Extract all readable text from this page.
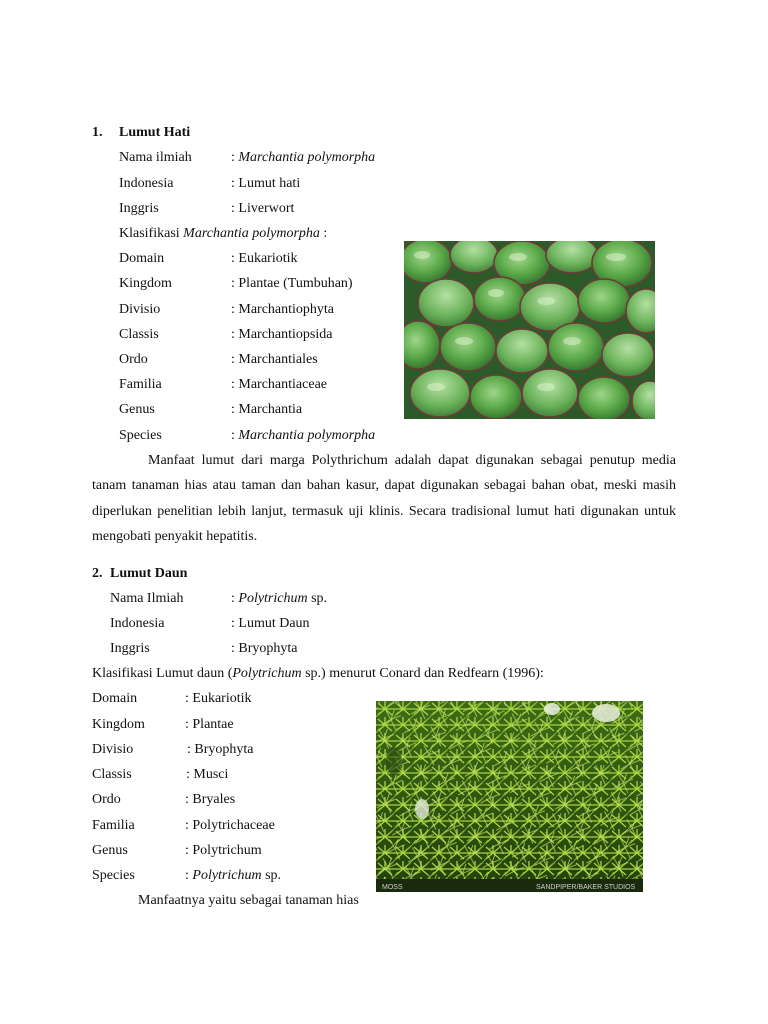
1. Lumut Hati
Nama ilmiah	: Marchantia polymorpha
Indonesia	: Lumut hati
Inggris	: Liverwort
Klasifikasi Marchantia polymorpha :
Domain	: Eukariotik
Kingdom	: Plantae (Tumbuhan)
Divisio	: Marchantiophyta
Classis	: Marchantiopsida
Ordo	: Marchantiales
Familia	: Marchantiaceae
Genus	: Marchantia
Species	: Marchantia polymorpha

Manfaat lumut dari marga Polythrichum adalah dapat digunakan sebagai penutup media tanam tanaman hias atau taman dan bahan kasur, dapat digunakan sebagai bahan obat, meski masih diperlukan penelitian lebih lanjut, termasuk uji klinis. Secara tradisional lumut hati digunakan untuk mengobati penyakit hepatitis.

2. Lumut Daun
Nama Ilmiah	: Polytrichum sp.
Indonesia	: Lumut Daun
Inggris	: Bryophyta
Klasifikasi Lumut daun (Polytrichum sp.) menurut Conard dan Redfearn (1996):
Domain	: Eukariotik
Kingdom	: Plantae
Divisio	: Bryophyta
Classis	: Musci
Ordo	: Bryales
Familia	: Polytrichaceae
Genus	: Polytrichum
Species	: Polytrichum sp.
Manfaatnya yaitu sebagai tanaman hias
MOSS	SANDPIPER/BAKER STUDIOS
